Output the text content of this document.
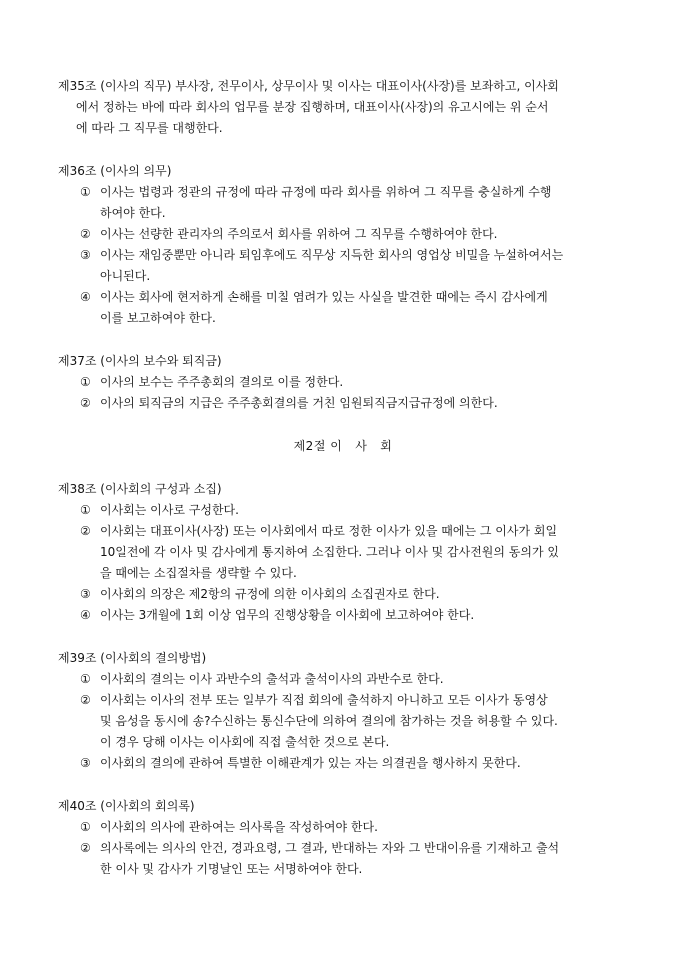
제35조 (이사의 직무) 부사장, 전무이사, 상무이사 및 이사는 대표이사(사장)를 보좌하고, 이사회
에서 정하는 바에 따라 회사의 업무를 분장 집행하며, 대표이사(사장)의 유고시에는 위 순서
에 따라 그 직무를 대행한다.
제36조 (이사의 의무)
① 이사는 법령과 정관의 규정에 따라 규정에 따라 회사를 위하여 그 직무를 충실하게 수행
하여야 한다.
② 이사는 선량한 관리자의 주의로서 회사를 위하여 그 직무를 수행하여야 한다.
③ 이사는 재임중뿐만 아니라 퇴임후에도 직무상 지득한 회사의 영업상 비밀을 누설하여서는
아니된다.
④ 이사는 회사에 현저하게 손해를 미칠 염려가 있는 사실을 발견한 때에는 즉시 감사에게
이를 보고하여야 한다.
제37조 (이사의 보수와 퇴직금)
① 이사의 보수는 주주총회의 결의로 이를 정한다.
② 이사의 퇴직금의 지급은 주주총회결의를 거친 임원퇴직금지급규정에 의한다.
제2절 이   사   회
제38조 (이사회의 구성과 소집)
① 이사회는 이사로 구성한다.
② 이사회는 대표이사(사장) 또는 이사회에서 따로 정한 이사가 있을 때에는 그 이사가 회일
10일전에 각 이사 및 감사에게 통지하여 소집한다. 그러나 이사 및 감사전원의 동의가 있
을 때에는 소집절차를 생략할 수 있다.
③ 이사회의 의장은 제2항의 규정에 의한 이사회의 소집권자로 한다.
④ 이사는 3개월에 1회 이상 업무의 진행상황을 이사회에 보고하여야 한다.
제39조 (이사회의 결의방법)
① 이사회의 결의는 이사 과반수의 출석과 출석이사의 과반수로 한다.
② 이사회는 이사의 전부 또는 일부가 직접 회의에 출석하지 아니하고 모든 이사가 동영상
및 음성을 동시에 송?수신하는 통신수단에 의하여 결의에 참가하는 것을 허용할 수 있다.
이 경우 당해 이사는 이사회에 직접 출석한 것으로 본다.
③ 이사회의 결의에 관하여 특별한 이해관계가 있는 자는 의결권을 행사하지 못한다.
제40조 (이사회의 회의록)
① 이사회의 의사에 관하여는 의사록을 작성하여야 한다.
② 의사록에는 의사의 안건, 경과요령, 그 결과, 반대하는 자와 그 반대이유를 기재하고 출석
한 이사 및 감사가 기명날인 또는 서명하여야 한다.
